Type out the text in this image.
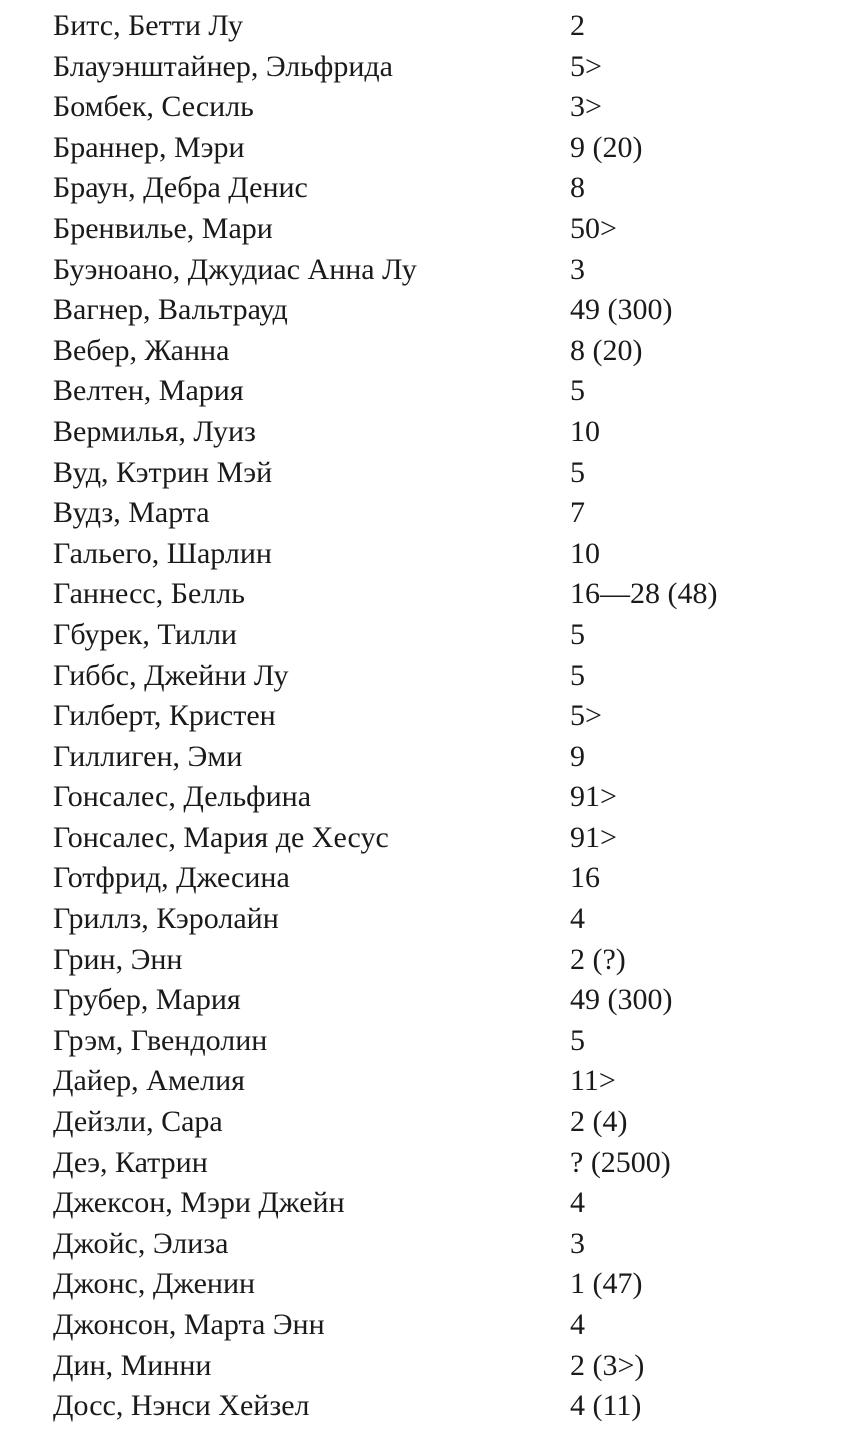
Битс, Бетти Лу	2
Блауэнштайнер, Эльфрида	5>
Бомбек, Сесиль	3>
Браннер, Мэри	9 (20)
Браун, Дебра Денис	8
Бренвилье, Мари	50>
Буэноано, Джудиас Анна Лу	3
Вагнер, Вальтрауд	49 (300)
Вебер, Жанна	8 (20)
Велтен, Мария	5
Вермилья, Луиз	10
Вуд, Кэтрин Мэй	5
Вудз, Марта	7
Гальего, Шарлин	10
Ганнесс, Белль	16—28 (48)
Гбурек, Тилли	5
Гиббс, Джейни Лу	5
Гилберт, Кристен	5>
Гиллиген, Эми	9
Гонсалес, Дельфина	91>
Гонсалес, Мария де Хесус	91>
Готфрид, Джесина	16
Гриллз, Кэролайн	4
Грин, Энн	2 (?)
Грубер, Мария	49 (300)
Грэм, Гвендолин	5
Дайер, Амелия	11>
Дейзли, Сара	2 (4)
Деэ, Катрин	? (2500)
Джексон, Мэри Джейн	4
Джойс, Элиза	3
Джонс, Дженин	1 (47)
Джонсон, Марта Энн	4
Дин, Минни	2 (3>)
Досс, Нэнси Хейзел	4 (11)
